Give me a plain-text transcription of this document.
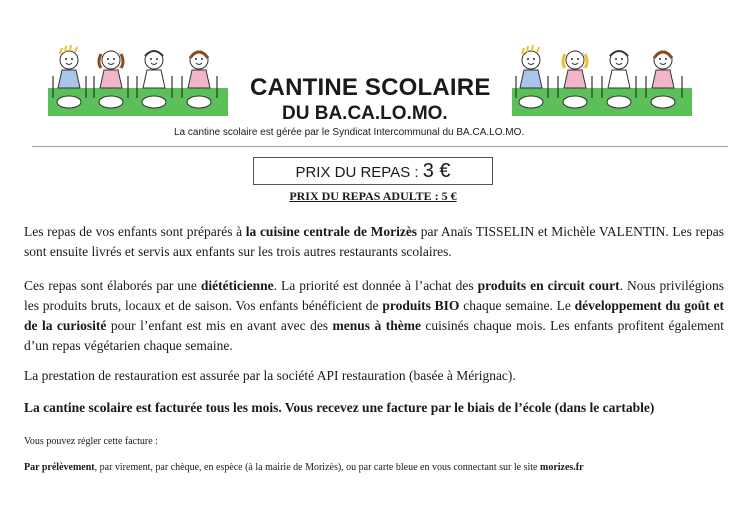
CANTINE SCOLAIRE
DU BA.CA.LO.MO.
La cantine scolaire est gérée par le Syndicat Intercommunal du BA.CA.LO.MO.
PRIX DU REPAS : 3 €
PRIX DU REPAS ADULTE : 5 €

Les repas de vos enfants sont préparés à la cuisine centrale de Morizès par Anaïs TISSELIN et Michèle VALENTIN. Les repas sont ensuite livrés et servis aux enfants sur les trois autres restaurants scolaires.

Ces repas sont élaborés par une diététicienne. La priorité est donnée à l’achat des produits en circuit court. Nous privilégions les produits bruts, locaux et de saison. Vos enfants bénéficient de produits BIO chaque semaine. Le développement du goût et de la curiosité pour l’enfant est mis en avant avec des menus à thème cuisinés chaque mois. Les enfants profitent également d’un repas végétarien chaque semaine.

La prestation de restauration est assurée par la société API restauration (basée à Mérignac).

La cantine scolaire est facturée tous les mois. Vous recevez une facture par le biais de l’école (dans le cartable)

Vous pouvez régler cette facture :

Par prélèvement, par virement, par chèque, en espèce (à la mairie de Morizès), ou par carte bleue en vous connectant sur le site morizes.fr
